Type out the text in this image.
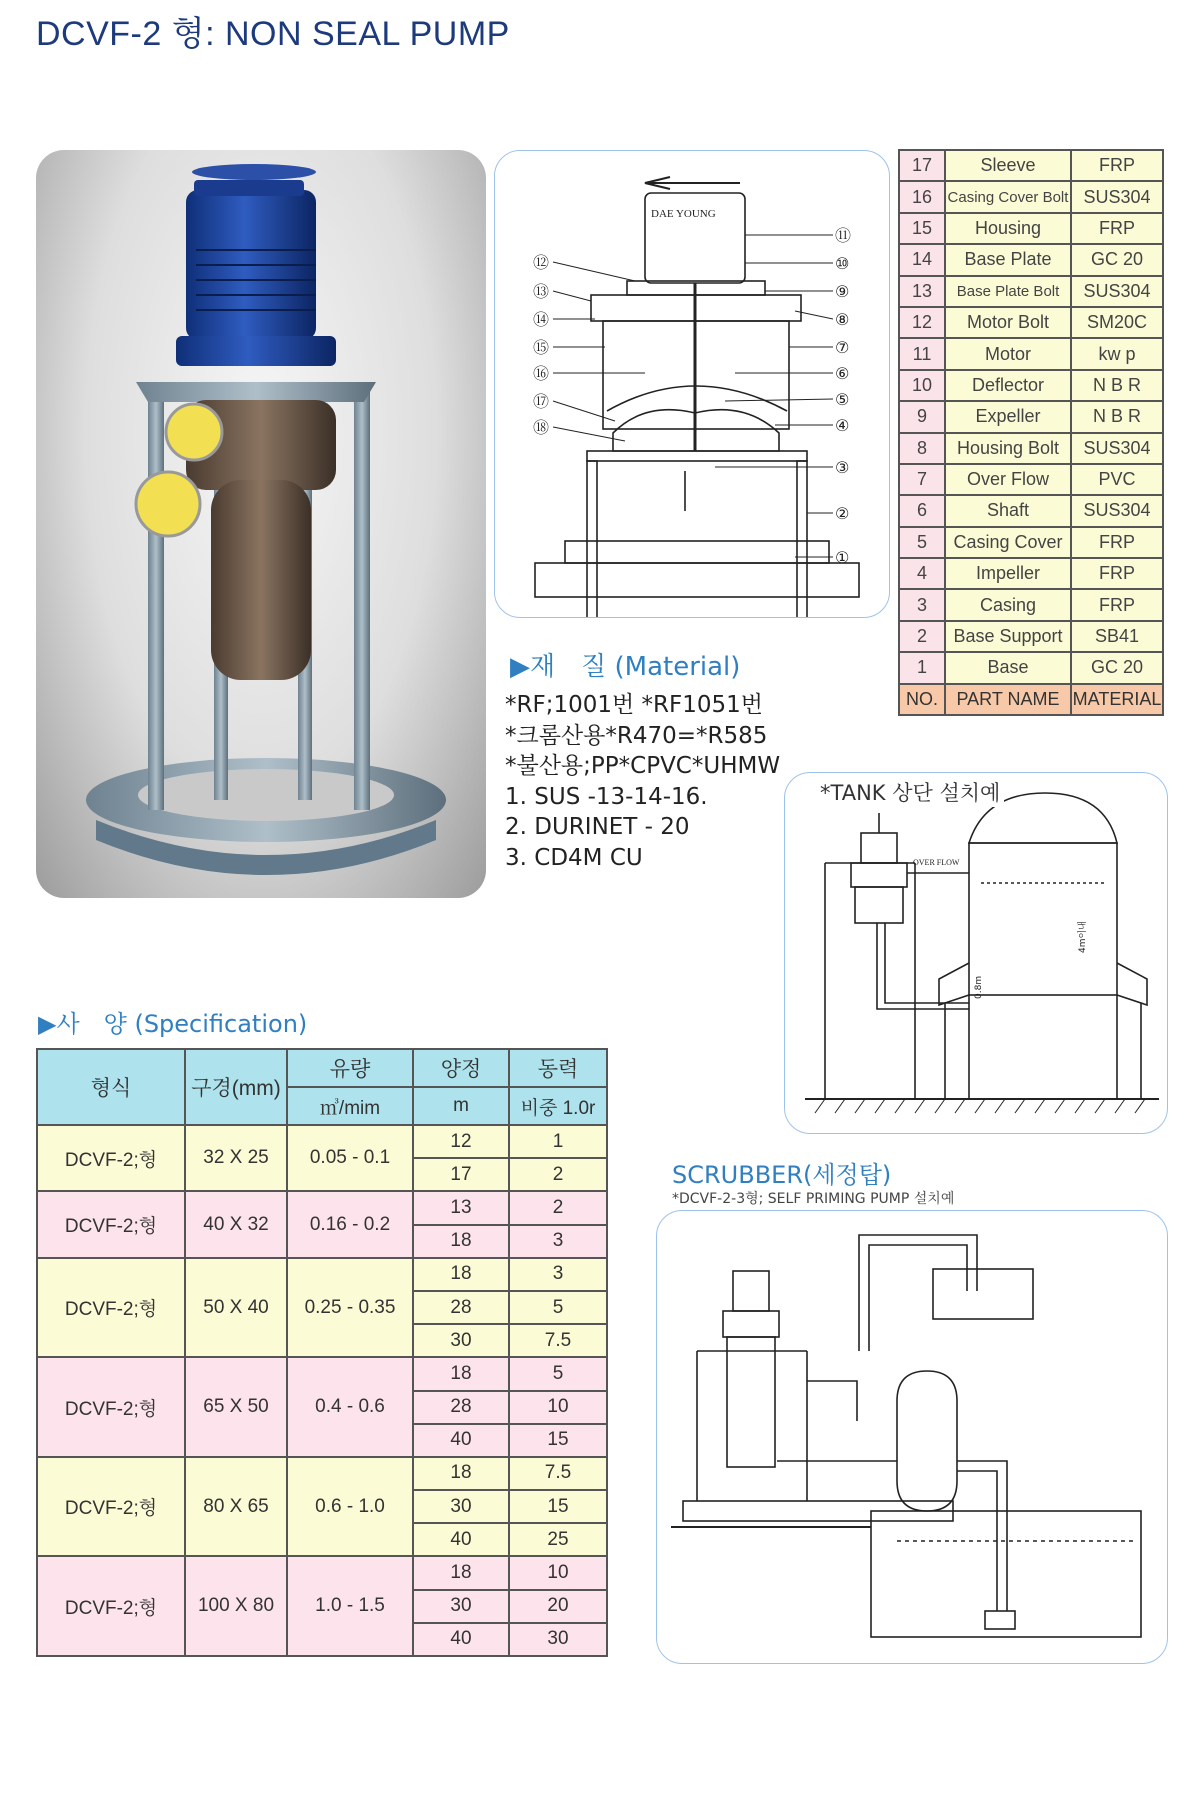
DCVF-2 형: NON SEAL PUMP
DAE YOUNG
⑫
⑬
⑭
⑮
⑯
⑰
⑱
⑪
⑩
⑨
⑧
⑦
⑥
⑤
④
③
②
①
17	Sleeve	FRP
16	Casing Cover Bolt	SUS304
15	Housing	FRP
14	Base Plate	GC 20
13	Base Plate Bolt	SUS304
12	Motor Bolt	SM20C
11	Motor	kw p
10	Deflector	N B R
9	Expeller	N B R
8	Housing Bolt	SUS304
7	Over Flow	PVC
6	Shaft	SUS304
5	Casing Cover	FRP
4	Impeller	FRP
3	Casing	FRP
2	Base Support	SB41
1	Base	GC 20
NO.	PART NAME	MATERIAL
▶재　질 (Material)
*RF;1001번 *RF1051번
*크롬산용*R470=*R585
*불산용;PP*CPVC*UHMW
1. SUS -13-14-16.
2. DURINET - 20
3. CD4M CU	OVER FLOW
4m이내
0.8m
*TANK 상단 설치예
SCRUBBER(세정탑)
*DCVF-2-3형; SELF PRIMING PUMP 설치예
▶사　양 (Specification)
형식	구경(mm)	유량	양정	동력
		㎥/mim	m	비중 1.0r
DCVF-2;형	32 X 25	0.05 - 0.1	12	1
			17	2
DCVF-2;형	40 X 32	0.16 - 0.2	13	2
			18	3
DCVF-2;형	50 X 40	0.25 - 0.35	18	3
			28	5
			30	7.5
DCVF-2;형	65 X 50	0.4 - 0.6	18	5
			28	10
			40	15
DCVF-2;형	80 X 65	0.6 - 1.0	18	7.5
			30	15
			40	25
DCVF-2;형	100 X 80	1.0 - 1.5	18	10
			30	20
			40	30
